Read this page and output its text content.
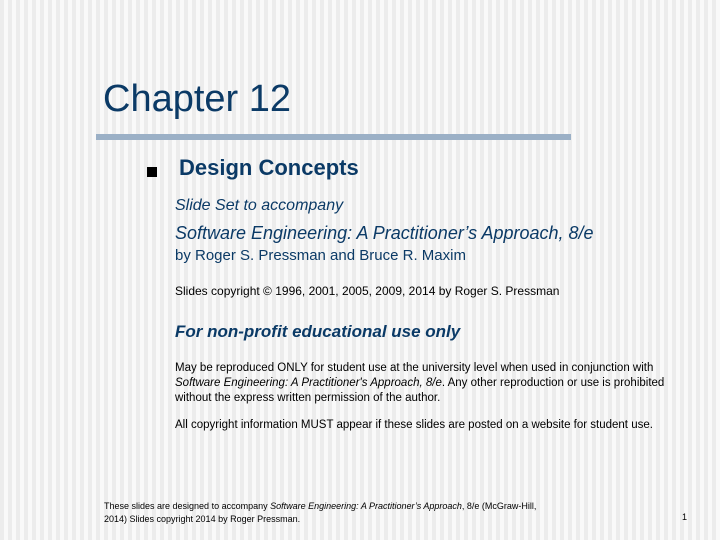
Chapter 12
Design Concepts
Slide Set to accompany
Software Engineering: A Practitioner’s Approach, 8/e
by Roger S. Pressman and Bruce R. Maxim
Slides copyright © 1996, 2001, 2005, 2009, 2014 by Roger S. Pressman
For non-profit educational use only

May be reproduced ONLY for student use at the university level when used in conjunction with Software Engineering: A Practitioner's Approach, 8/e. Any other reproduction or use is prohibited without the express written permission of the author.

All copyright information MUST appear if these slides are posted on a website for student use.

These slides are designed to accompany Software Engineering: A Practitioner’s Approach, 8/e (McGraw-Hill, 2014) Slides copyright 2014 by Roger Pressman.	1
